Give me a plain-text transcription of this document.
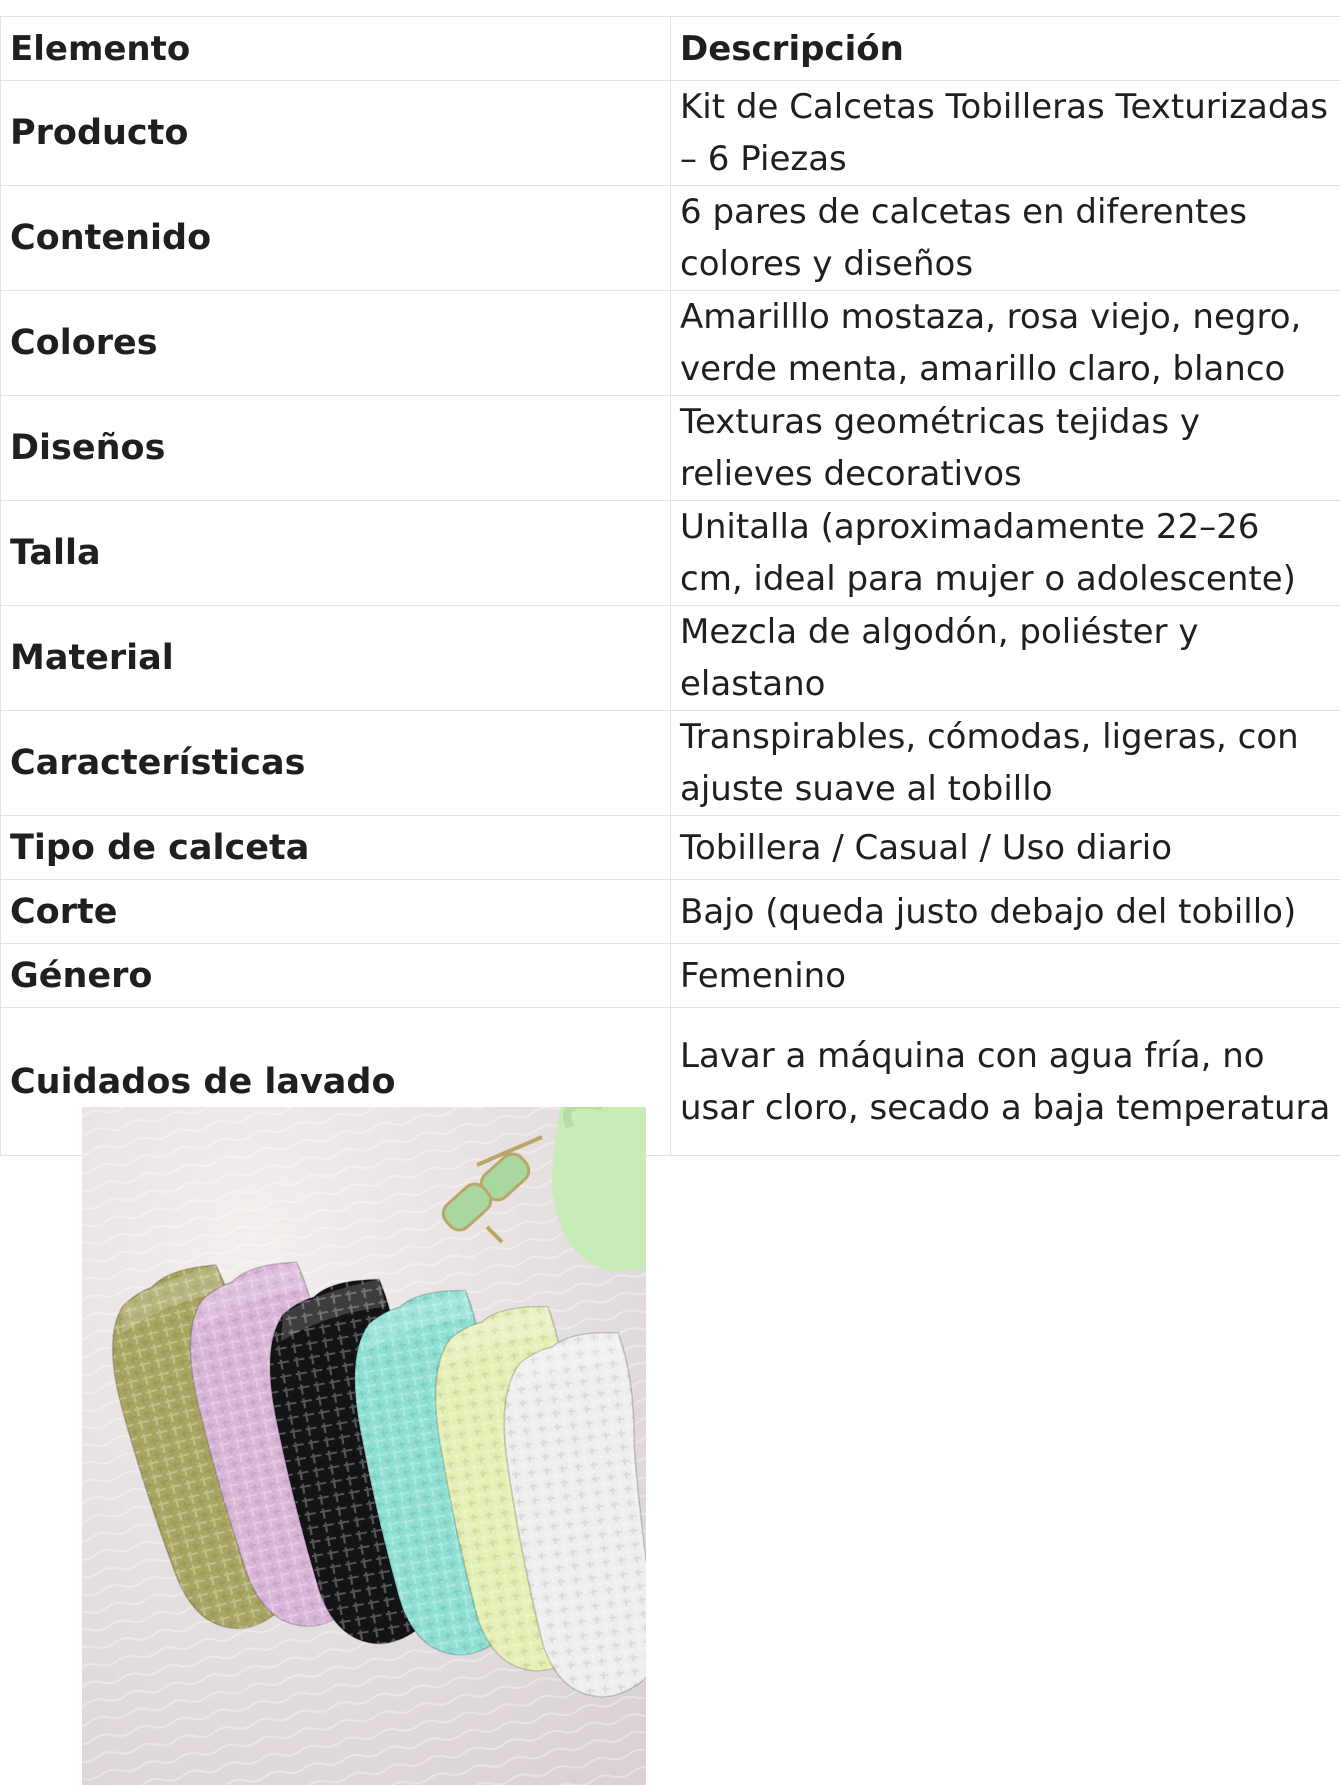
Elemento	Descripción
Producto	Kit de Calcetas Tobilleras Texturizadas – 6 Piezas
Contenido	6 pares de calcetas en diferentes colores y diseños
Colores	Amarilllo mostaza, rosa viejo, negro, verde menta, amarillo claro, blanco
Diseños	Texturas geométricas tejidas y relieves decorativos
Talla	Unitalla (aproximadamente 22–26 cm, ideal para mujer o adolescente)
Material	Mezcla de algodón, poliéster y elastano
Características	Transpirables, cómodas, ligeras, con ajuste suave al tobillo
Tipo de calceta	Tobillera / Casual / Uso diario
Corte	Bajo (queda justo debajo del tobillo)
Género	Femenino
Cuidados de lavado	Lavar a máquina con agua fría, no usar cloro, secado a baja temperatura
